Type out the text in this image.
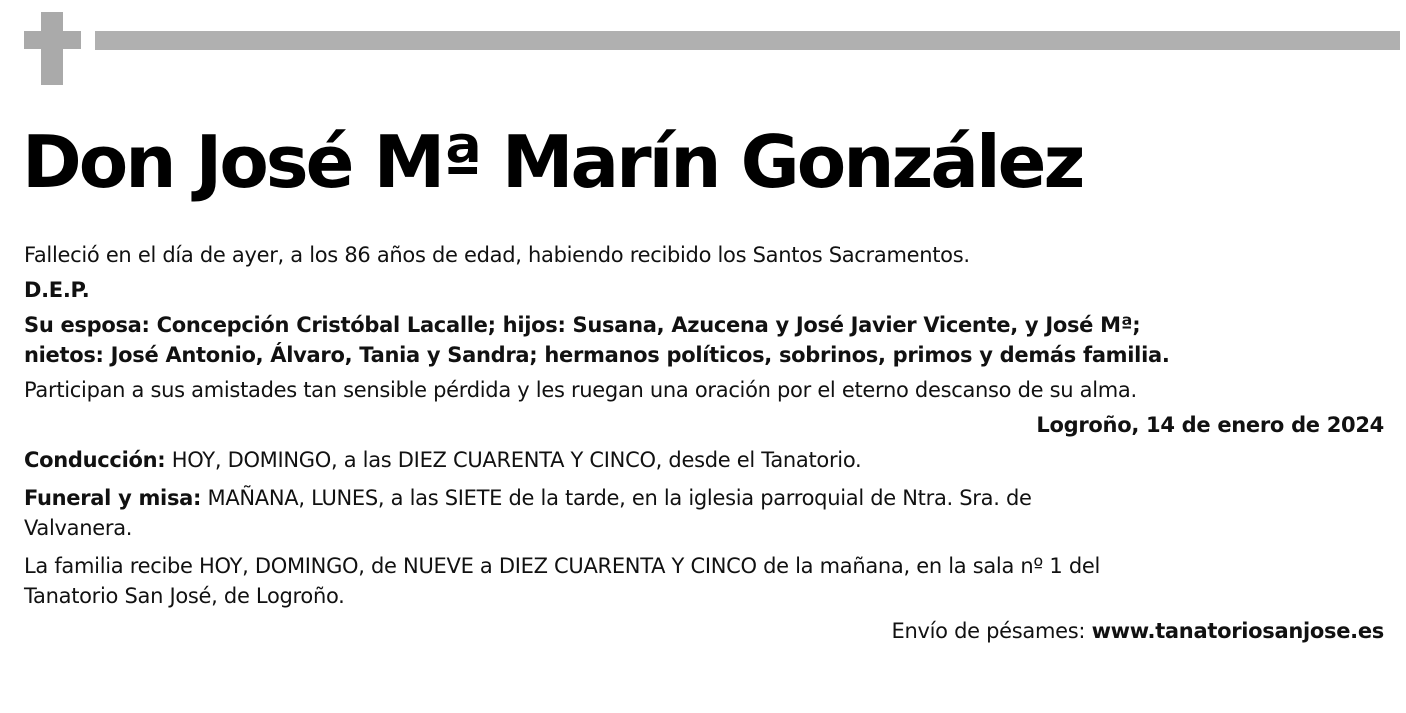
Don José Mª Marín González

Falleció en el día de ayer, a los 86 años de edad, habiendo recibido los Santos Sacramentos.

D.E.P.

Su esposa: Concepción Cristóbal Lacalle; hijos: Susana, Azucena y José Javier Vicente, y José Mª;

nietos: José Antonio, Álvaro, Tania y Sandra; hermanos políticos, sobrinos, primos y demás familia.

Participan a sus amistades tan sensible pérdida y les ruegan una oración por el eterno descanso de su alma.

Logroño, 14 de enero de 2024

Conducción: HOY, DOMINGO, a las DIEZ CUARENTA Y CINCO, desde el Tanatorio.

Funeral y misa: MAÑANA, LUNES, a las SIETE de la tarde, en la iglesia parroquial de Ntra. Sra. de

Valvanera.

La familia recibe HOY, DOMINGO, de NUEVE a DIEZ CUARENTA Y CINCO de la mañana, en la sala nº 1 del

Tanatorio San José, de Logroño.

Envío de pésames: www.tanatoriosanjose.es
